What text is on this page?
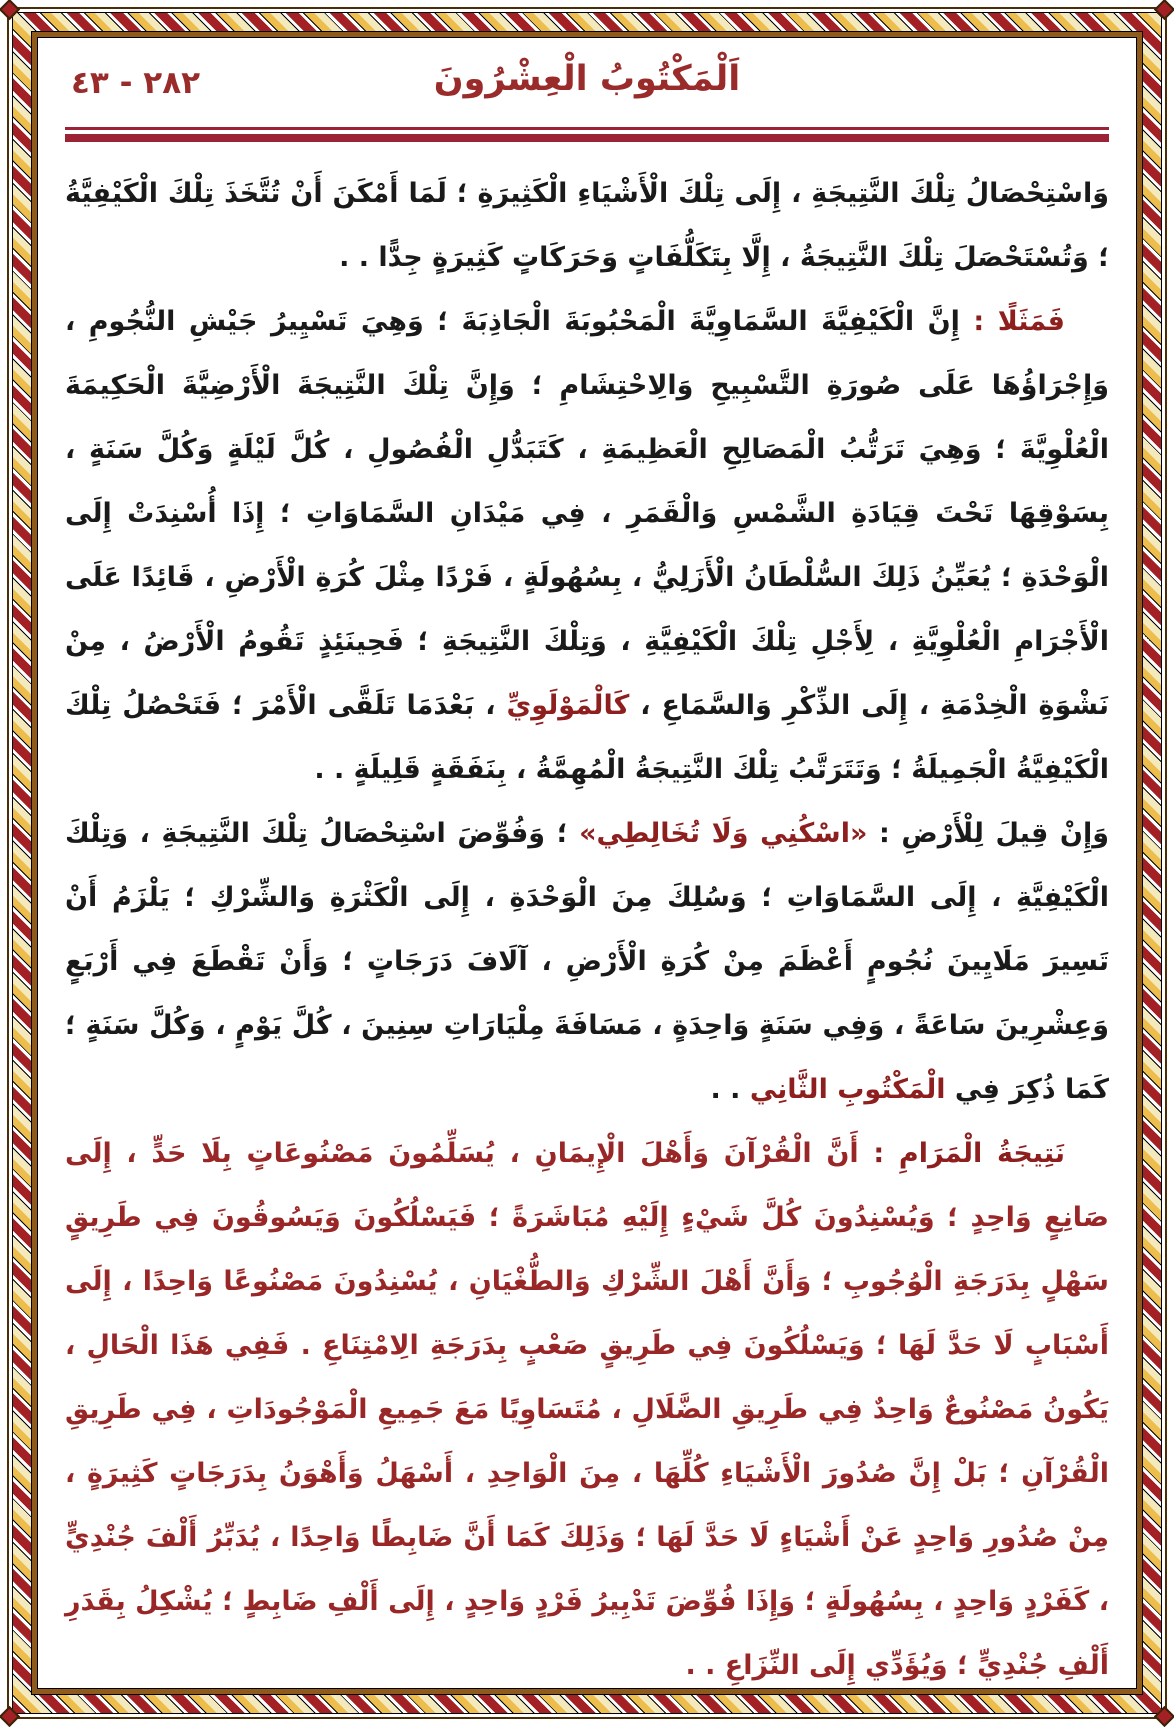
٢٨٢ - ٤٣	اَلْمَكْتُوبُ الْعِشْرُونَ

وَاسْتِحْصَالُ تِلْكَ النَّتِيجَةِ ، إِلَى تِلْكَ الْأَشْيَاءِ الْكَثِيرَةِ ؛ لَمَا أَمْكَنَ أَنْ تُتَّخَذَ تِلْكَ الْكَيْفِيَّةُ ؛ وَتُسْتَحْصَلَ تِلْكَ النَّتِيجَةُ ، إِلَّا بِتَكَلُّفَاتٍ وَحَرَكَاتٍ كَثِيرَةٍ جِدًّا . .

فَمَثَلًا : إِنَّ الْكَيْفِيَّةَ السَّمَاوِيَّةَ الْمَحْبُوبَةَ الْجَاذِبَةَ ؛ وَهِيَ تَسْيِيرُ جَيْشِ النُّجُومِ ، وَإِجْرَاؤُهَا عَلَى صُورَةِ التَّسْبِيحِ وَالِاحْتِشَامِ ؛ وَإِنَّ تِلْكَ النَّتِيجَةَ الْأَرْضِيَّةَ الْحَكِيمَةَ الْعُلْوِيَّةَ ؛ وَهِيَ تَرَتُّبُ الْمَصَالِحِ الْعَظِيمَةِ ، كَتَبَدُّلِ الْفُصُولِ ، كُلَّ لَيْلَةٍ وَكُلَّ سَنَةٍ ، بِسَوْقِهَا تَحْتَ قِيَادَةِ الشَّمْسِ وَالْقَمَرِ ، فِي مَيْدَانِ السَّمَاوَاتِ ؛ إِذَا أُسْنِدَتْ إِلَى الْوَحْدَةِ ؛ يُعَيِّنُ ذَلِكَ السُّلْطَانُ الْأَزَلِيُّ ، بِسُهُولَةٍ ، فَرْدًا مِثْلَ كُرَةِ الْأَرْضِ ، قَائِدًا عَلَى الْأَجْرَامِ الْعُلْوِيَّةِ ، لِأَجْلِ تِلْكَ الْكَيْفِيَّةِ ، وَتِلْكَ النَّتِيجَةِ ؛ فَحِينَئِذٍ تَقُومُ الْأَرْضُ ، مِنْ نَشْوَةِ الْخِدْمَةِ ، إِلَى الذِّكْرِ وَالسَّمَاعِ ، كَالْمَوْلَوِيِّ ، بَعْدَمَا تَلَقَّى الْأَمْرَ ؛ فَتَحْصُلُ تِلْكَ الْكَيْفِيَّةُ الْجَمِيلَةُ ؛ وَتَتَرَتَّبُ تِلْكَ النَّتِيجَةُ الْمُهِمَّةُ ، بِنَفَقَةٍ قَلِيلَةٍ . .

وَإِنْ قِيلَ لِلْأَرْضِ : «اسْكُنِي وَلَا تُخَالِطِي» ؛ وَفُوِّضَ اسْتِحْصَالُ تِلْكَ النَّتِيجَةِ ، وَتِلْكَ الْكَيْفِيَّةِ ، إِلَى السَّمَاوَاتِ ؛ وَسُلِكَ مِنَ الْوَحْدَةِ ، إِلَى الْكَثْرَةِ وَالشِّرْكِ ؛ يَلْزَمُ أَنْ تَسِيرَ مَلَايِينَ نُجُومٍ أَعْظَمَ مِنْ كُرَةِ الْأَرْضِ ، آلَافَ دَرَجَاتٍ ؛ وَأَنْ تَقْطَعَ فِي أَرْبَعٍ وَعِشْرِينَ سَاعَةً ، وَفِي سَنَةٍ وَاحِدَةٍ ، مَسَافَةَ مِلْيَارَاتِ سِنِينَ ، كُلَّ يَوْمٍ ، وَكُلَّ سَنَةٍ ؛ كَمَا ذُكِرَ فِي الْمَكْتُوبِ الثَّانِي . .

نَتِيجَةُ الْمَرَامِ : أَنَّ الْقُرْآنَ وَأَهْلَ الْإِيمَانِ ، يُسَلِّمُونَ مَصْنُوعَاتٍ بِلَا حَدٍّ ، إِلَى صَانِعٍ وَاحِدٍ ؛ وَيُسْنِدُونَ كُلَّ شَيْءٍ إِلَيْهِ مُبَاشَرَةً ؛ فَيَسْلُكُونَ وَيَسُوقُونَ فِي طَرِيقٍ سَهْلٍ بِدَرَجَةِ الْوُجُوبِ ؛ وَأَنَّ أَهْلَ الشِّرْكِ وَالطُّغْيَانِ ، يُسْنِدُونَ مَصْنُوعًا وَاحِدًا ، إِلَى أَسْبَابٍ لَا حَدَّ لَهَا ؛ وَيَسْلُكُونَ فِي طَرِيقٍ صَعْبٍ بِدَرَجَةِ الِامْتِنَاعِ . فَفِي هَذَا الْحَالِ ، يَكُونُ مَصْنُوعٌ وَاحِدٌ فِي طَرِيقِ الضَّلَالِ ، مُتَسَاوِيًا مَعَ جَمِيعِ الْمَوْجُودَاتِ ، فِي طَرِيقِ الْقُرْآنِ ؛ بَلْ إِنَّ صُدُورَ الْأَشْيَاءِ كُلِّهَا ، مِنَ الْوَاحِدِ ، أَسْهَلُ وَأَهْوَنُ بِدَرَجَاتٍ كَثِيرَةٍ ، مِنْ صُدُورِ وَاحِدٍ عَنْ أَشْيَاءٍ لَا حَدَّ لَهَا ؛ وَذَلِكَ كَمَا أَنَّ ضَابِطًا وَاحِدًا ، يُدَبِّرُ أَلْفَ جُنْدِيٍّ ، كَفَرْدٍ وَاحِدٍ ، بِسُهُولَةٍ ؛ وَإِذَا فُوِّضَ تَدْبِيرُ فَرْدٍ وَاحِدٍ ، إِلَى أَلْفِ ضَابِطٍ ؛ يُشْكِلُ بِقَدَرِ أَلْفِ جُنْدِيٍّ ؛ وَيُؤَدِّي إِلَى النِّزَاعِ . .
